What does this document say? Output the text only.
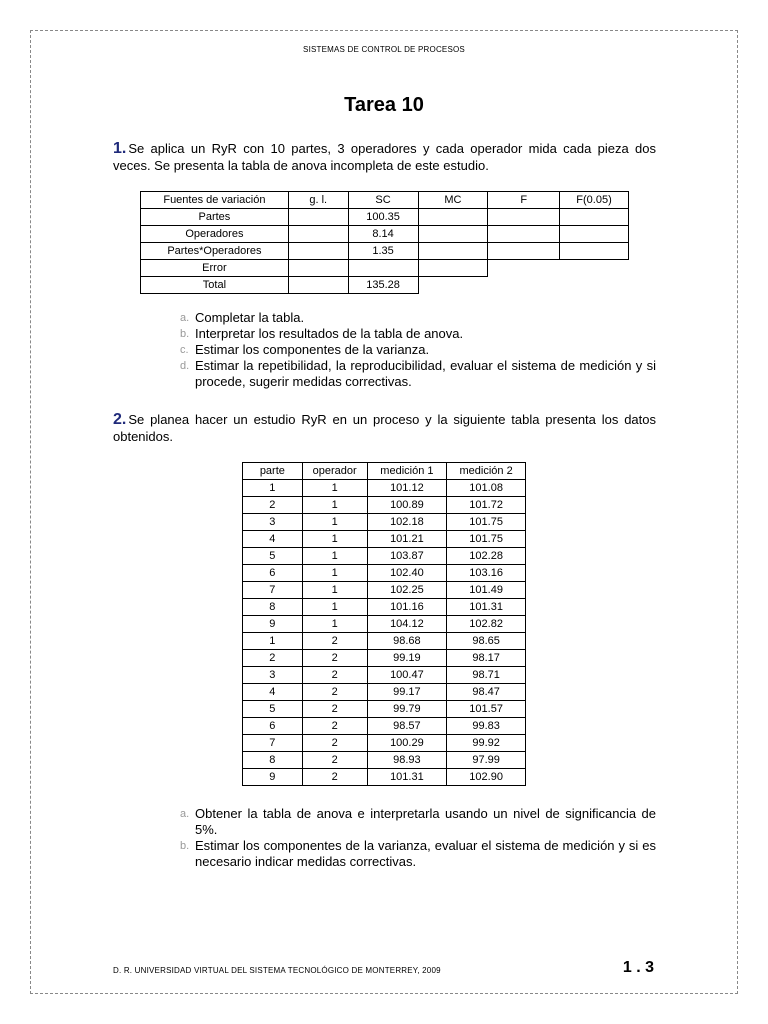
SISTEMAS DE CONTROL DE PROCESOS
Tarea 10
1. Se aplica un RyR con 10 partes, 3 operadores y cada operador mida cada pieza dos veces. Se presenta la tabla de anova incompleta de este estudio.
Fuentes de variación	g. l.	SC	MC	F	F(0.05)
Partes		100.35			
Operadores		8.14			
Partes*Operadores		1.35			
Error					
Total		135.28			
a. Completar la tabla.
b. Interpretar los resultados de la tabla de anova.
c. Estimar los componentes de la varianza.
d. Estimar la repetibilidad, la reproducibilidad, evaluar el sistema de medición y si procede, sugerir medidas correctivas.
2. Se planea hacer un estudio RyR en un proceso y la siguiente tabla presenta los datos obtenidos.
parte	operador	medición 1	medición 2
1	1	101.12	101.08
2	1	100.89	101.72
3	1	102.18	101.75
4	1	101.21	101.75
5	1	103.87	102.28
6	1	102.40	103.16
7	1	102.25	101.49
8	1	101.16	101.31
9	1	104.12	102.82
1	2	98.68	98.65
2	2	99.19	98.17
3	2	100.47	98.71
4	2	99.17	98.47
5	2	99.79	101.57
6	2	98.57	99.83
7	2	100.29	99.92
8	2	98.93	97.99
9	2	101.31	102.90
a. Obtener la tabla de anova e interpretarla usando un nivel de significancia de 5%.
b. Estimar los componentes de la varianza, evaluar el sistema de medición y si es necesario indicar medidas correctivas.
D. R. UNIVERSIDAD VIRTUAL DEL SISTEMA TECNOLÓGICO DE MONTERREY, 2009	1 . 3
